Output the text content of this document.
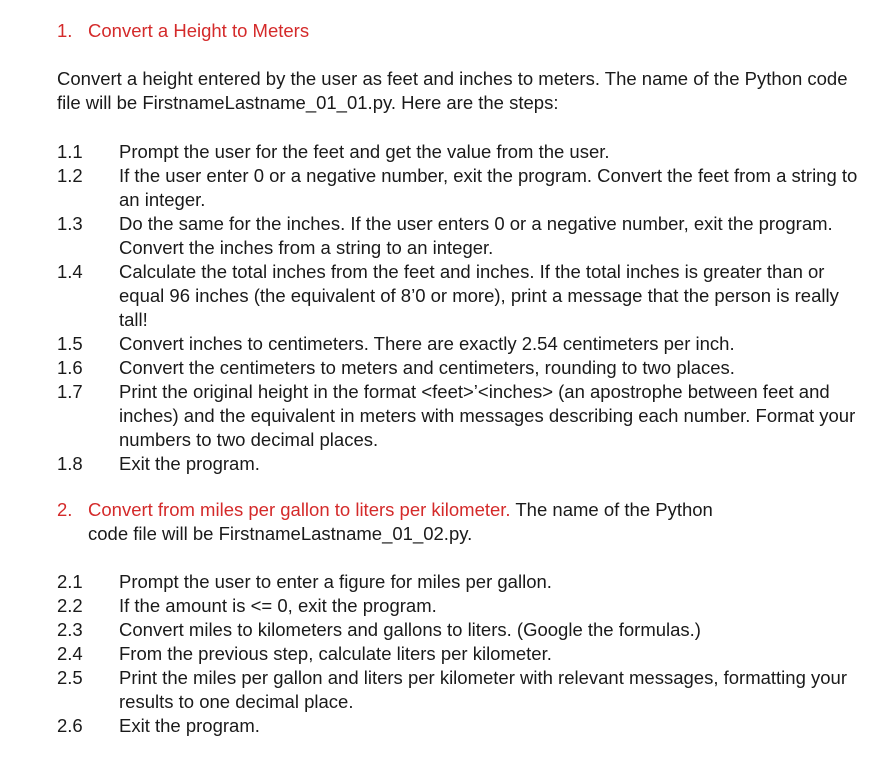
1. Convert a Height to Meters

Convert a height entered by the user as feet and inches to meters. The name of the Python code file will be FirstnameLastname_01_01.py. Here are the steps:

1.1	Prompt the user for the feet and get the value from the user.
1.2	If the user enter 0 or a negative number, exit the program. Convert the feet from a string to an integer.
1.3	Do the same for the inches. If the user enters 0 or a negative number, exit the program. Convert the inches from a string to an integer.
1.4	Calculate the total inches from the feet and inches. If the total inches is greater than or equal 96 inches (the equivalent of 8’0 or more), print a message that the person is really tall!
1.5	Convert inches to centimeters. There are exactly 2.54 centimeters per inch.
1.6	Convert the centimeters to meters and centimeters, rounding to two places.
1.7	Print the original height in the format <feet>’<inches> (an apostrophe between feet and inches) and the equivalent in meters with messages describing each number. Format your numbers to two decimal places.
1.8	Exit the program.
2. Convert from miles per gallon to liters per kilometer. The name of the Python
code file will be FirstnameLastname_01_02.py.
2.1	Prompt the user to enter a figure for miles per gallon.
2.2	If the amount is <= 0, exit the program.
2.3	Convert miles to kilometers and gallons to liters. (Google the formulas.)
2.4	From the previous step, calculate liters per kilometer.
2.5	Print the miles per gallon and liters per kilometer with relevant messages, formatting your results to one decimal place.
2.6	Exit the program.
